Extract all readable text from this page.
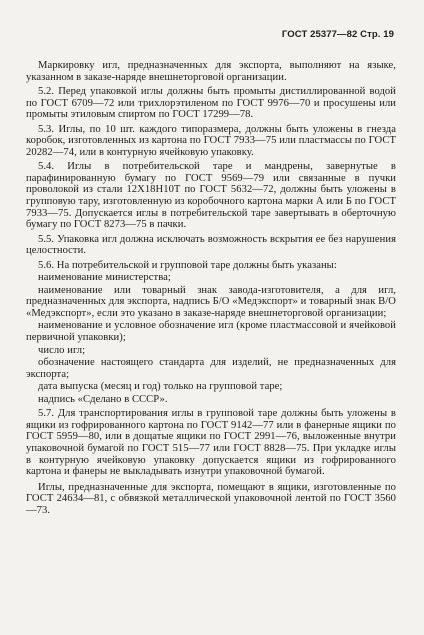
ГОСТ 25377—82 Стр. 19

Маркировку игл, предназначенных для экспорта, выполняют на языке, указанном в заказе-наряде внешнеторговой организации.

5.2. Перед упаковкой иглы должны быть промыты дистиллированной водой по ГОСТ 6709—72 или трихлорэтиленом по ГОСТ 9976—70 и просушены или промыты этиловым спиртом по ГОСТ 17299—78.

5.3. Иглы, по 10 шт. каждого типоразмера, должны быть уложены в гнезда коробок, изготовленных из картона по ГОСТ 7933—75 или пластмассы по ГОСТ 20282—74, или в контурную ячейковую упаковку.

5.4. Иглы в потребительской таре и мандрены, завернутые в парафинированную бумагу по ГОСТ 9569—79 или связанные в пучки проволокой из стали 12Х18Н10Т по ГОСТ 5632—72, должны быть уложены в групповую тару, изготовленную из коробочного картона марки А или Б по ГОСТ 7933—75. Допускается иглы в потребительской таре завертывать в оберточную бумагу по ГОСТ 8273—75 в пачки.

5.5. Упаковка игл должна исключать возможность вскрытия ее без нарушения целостности.

5.6. На потребительской и групповой таре должны быть указаны:

наименование министерства;

наименование или товарный знак завода-изготовителя, а для игл, предназначенных для экспорта, надпись Б/О «Медэкспорт» и товарный знак В/О «Медэкспорт», если это указано в заказе-наряде внешнеторговой организации;

наименование и условное обозначение игл (кроме пластмассовой и ячейковой первичной упаковки);

число игл;

обозначение настоящего стандарта для изделий, не предназначенных для экспорта;

дата выпуска (месяц и год) только на групповой таре;

надпись «Сделано в СССР».

5.7. Для транспортирования иглы в групповой таре должны быть уложены в ящики из гофрированного картона по ГОСТ 9142—77 или в фанерные ящики по ГОСТ 5959—80, или в дощатые ящики по ГОСТ 2991—76, выложенные внутри упаковочной бумагой по ГОСТ 515—77 или ГОСТ 8828—75. При укладке иглы в контурную ячейковую упаковку допускается ящики из гофрированного картона и фанеры не выкладывать изнутри упаковочной бумагой.

Иглы, предназначенные для экспорта, помещают в ящики, изготовленные по ГОСТ 24634—81, с обвязкой металлической упаковочной лентой по ГОСТ 3560—73.
